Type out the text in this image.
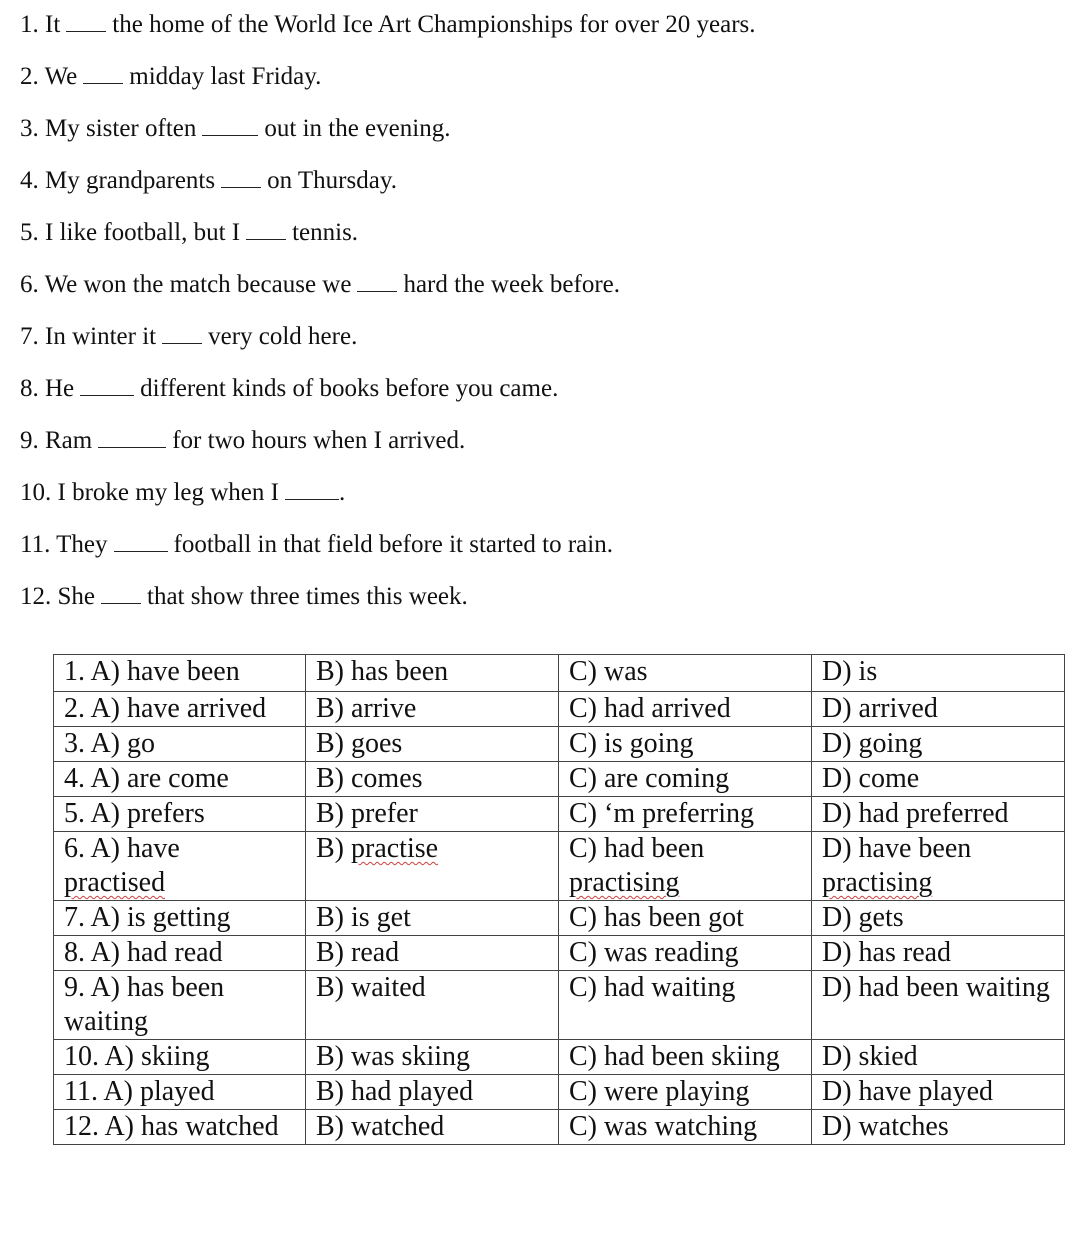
1. It the home of the World Ice Art Championships for over 20 years.
2. We midday last Friday.
3. My sister often	out in the evening.
4. My grandparents on Thursday.
5. I like football, but I tennis.
6. We won the match because we hard the week before.
7. In winter it very cold here.
8. He	different kinds of books before you came.
9. Ram	for two hours when I arrived.
10. I broke my leg when I .
11. They	football in that field before it started to rain.
12. She that show three times this week.
1. A) have been	B) has been	C) was	D) is
2. A) have arrived	B) arrive	C) had arrived	D) arrived
3. A) go	B) goes	C) is going	D) going
4. A) are come	B) comes	C) are coming	D) come
5. A) prefers	B) prefer	C) ‘m preferring	D) had preferred
6. A) have
practised	B) practise	C) had been
practising	D) have been
practising
7. A) is getting	B) is get	C) has been got	D) gets
8. A) had read	B) read	C) was reading	D) has read
9. A) has been waiting	B) waited	C) had waiting	D) had been waiting
10. A) skiing	B) was skiing	C) had been skiing	D) skied
11. A) played	B) had played	C) were playing	D) have played
12. A) has watched	B) watched	C) was watching	D) watches
